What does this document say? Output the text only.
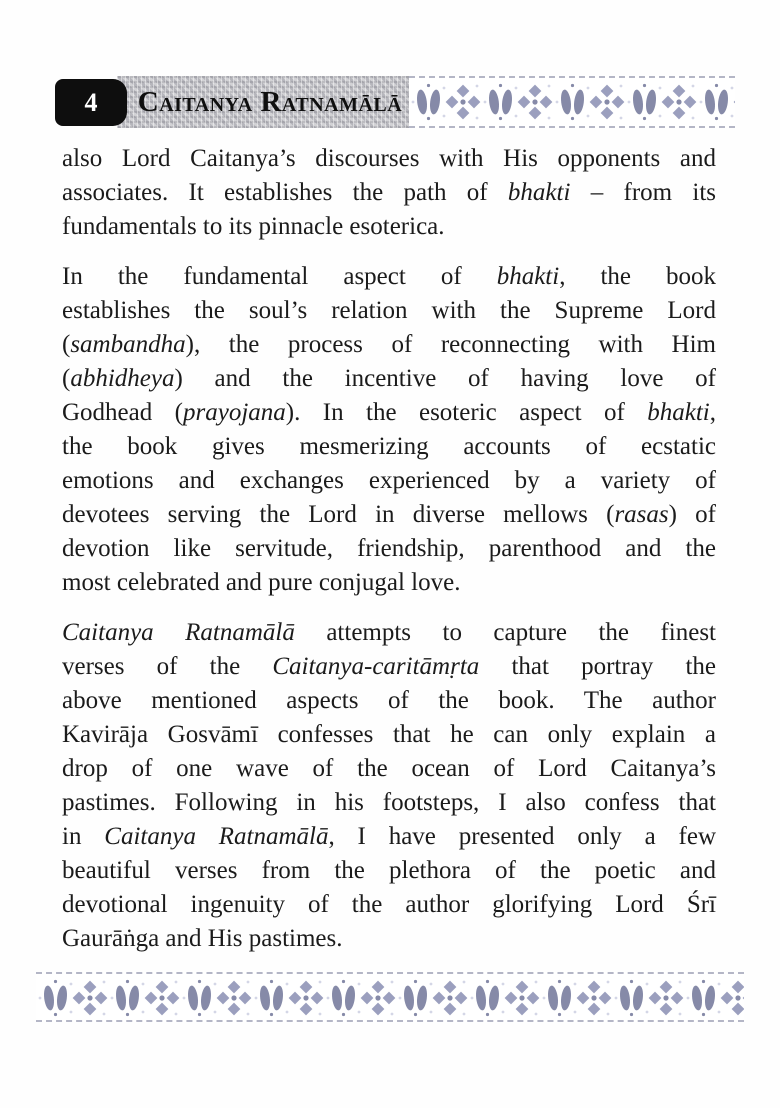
4	Caitanya Ratnamālā
also Lord Caitanya’s discourses with His opponents and
associates. It establishes the path of bhakti – from its
fundamentals to its pinnacle esoterica.
In the fundamental aspect of bhakti, the book
establishes the soul’s relation with the Supreme Lord
(sambandha), the process of reconnecting with Him
(abhidheya) and the incentive of having love of
Godhead (prayojana). In the esoteric aspect of bhakti,
the book gives mesmerizing accounts of ecstatic
emotions and exchanges experienced by a variety of
devotees serving the Lord in diverse mellows (rasas) of
devotion like servitude, friendship, parenthood and the
most celebrated and pure conjugal love.
Caitanya Ratnamālā attempts to capture the finest
verses of the Caitanya-caritāmṛta that portray the
above mentioned aspects of the book. The author
Kavirāja Gosvāmī confesses that he can only explain a
drop of one wave of the ocean of Lord Caitanya’s
pastimes. Following in his footsteps, I also confess that
in Caitanya Ratnamālā, I have presented only a few
beautiful verses from the plethora of the poetic and
devotional ingenuity of the author glorifying Lord Śrī
Gaurāṅga and His pastimes.
